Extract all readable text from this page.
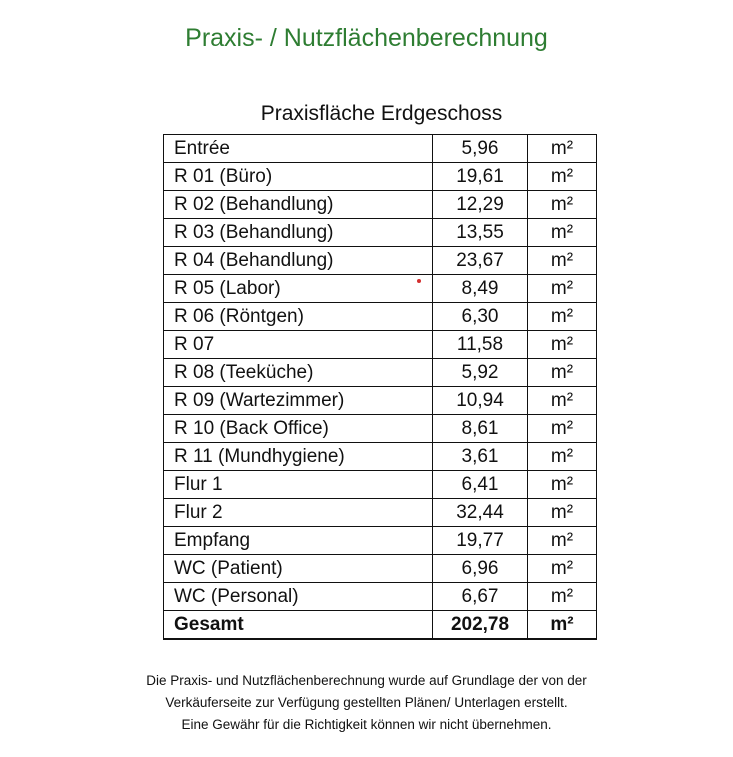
Praxis- / Nutzflächenberechnung
Praxisfläche Erdgeschoss
Entrée	5,96	m²
R 01 (Büro)	19,61	m²
R 02 (Behandlung)	12,29	m²
R 03 (Behandlung)	13,55	m²
R 04 (Behandlung)	23,67	m²
R 05 (Labor)	8,49	m²
R 06 (Röntgen)	6,30	m²
R 07	11,58	m²
R 08 (Teeküche)	5,92	m²
R 09 (Wartezimmer)	10,94	m²
R 10 (Back Office)	8,61	m²
R 11 (Mundhygiene)	3,61	m²
Flur 1	6,41	m²
Flur 2	32,44	m²
Empfang	19,77	m²
WC (Patient)	6,96	m²
WC (Personal)	6,67	m²
Gesamt	202,78	m²
Die Praxis- und Nutzflächenberechnung wurde auf Grundlage der von der
Verkäuferseite zur Verfügung gestellten Plänen/ Unterlagen erstellt.
Eine Gewähr für die Richtigkeit können wir nicht übernehmen.
